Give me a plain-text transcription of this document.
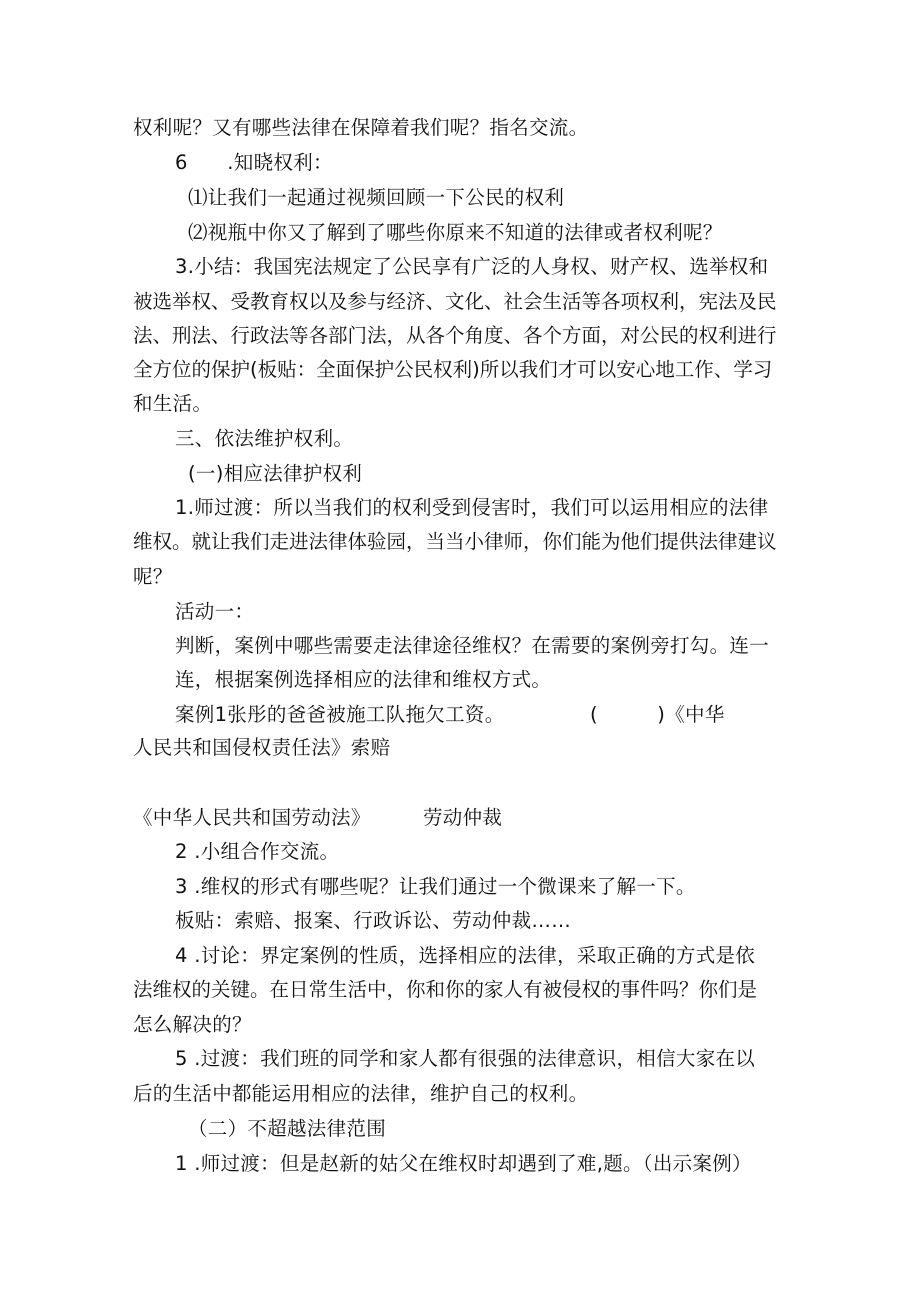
权利呢？又有哪些法律在保障着我们呢？指名交流。
6　　.知晓权利：
⑴让我们一起通过视频回顾一下公民的权利
⑵视瓶中你又了解到了哪些你原来不知道的法律或者权利呢？
3.小结：我国宪法规定了公民享有广泛的人身权、财产权、选举权和
被选举权、受教育权以及参与经济、文化、社会生活等各项权利，宪法及民
法、刑法、行政法等各部门法，从各个角度、各个方面，对公民的权利进行
全方位的保护(板贴：全面保护公民权利)所以我们才可以安心地工作、学习
和生活。
三、依法维护权利。
(一)相应法律护权利
1.师过渡：所以当我们的权利受到侵害时，我们可以运用相应的法律
维权。就让我们走进法律体验园，当当小律师，你们能为他们提供法律建议
呢？
活动一：
判断，案例中哪些需要走法律途径维权？在需要的案例旁打勾。连一
连，根据案例选择相应的法律和维权方式。
案例1张彤的爸爸被施工队拖欠工资。	(　　　)《中华
人民共和国侵权责任法》索赔
《中华人民共和国劳动法》	劳动仲裁
2 .小组合作交流。
3 .维权的形式有哪些呢？让我们通过一个微课来了解一下。
板贴：索赔、报案、行政诉讼、劳动仲裁……
4 .讨论：界定案例的性质，选择相应的法律，采取正确的方式是依
法维权的关键。在日常生活中，你和你的家人有被侵权的事件吗？你们是
怎么解决的？
5 .过渡：我们班的同学和家人都有很强的法律意识，相信大家在以
后的生活中都能运用相应的法律，维护自己的权利。
（二）不超越法律范围
1 .师过渡：但是赵新的姑父在维权时却遇到了难,题。（出示案例）
